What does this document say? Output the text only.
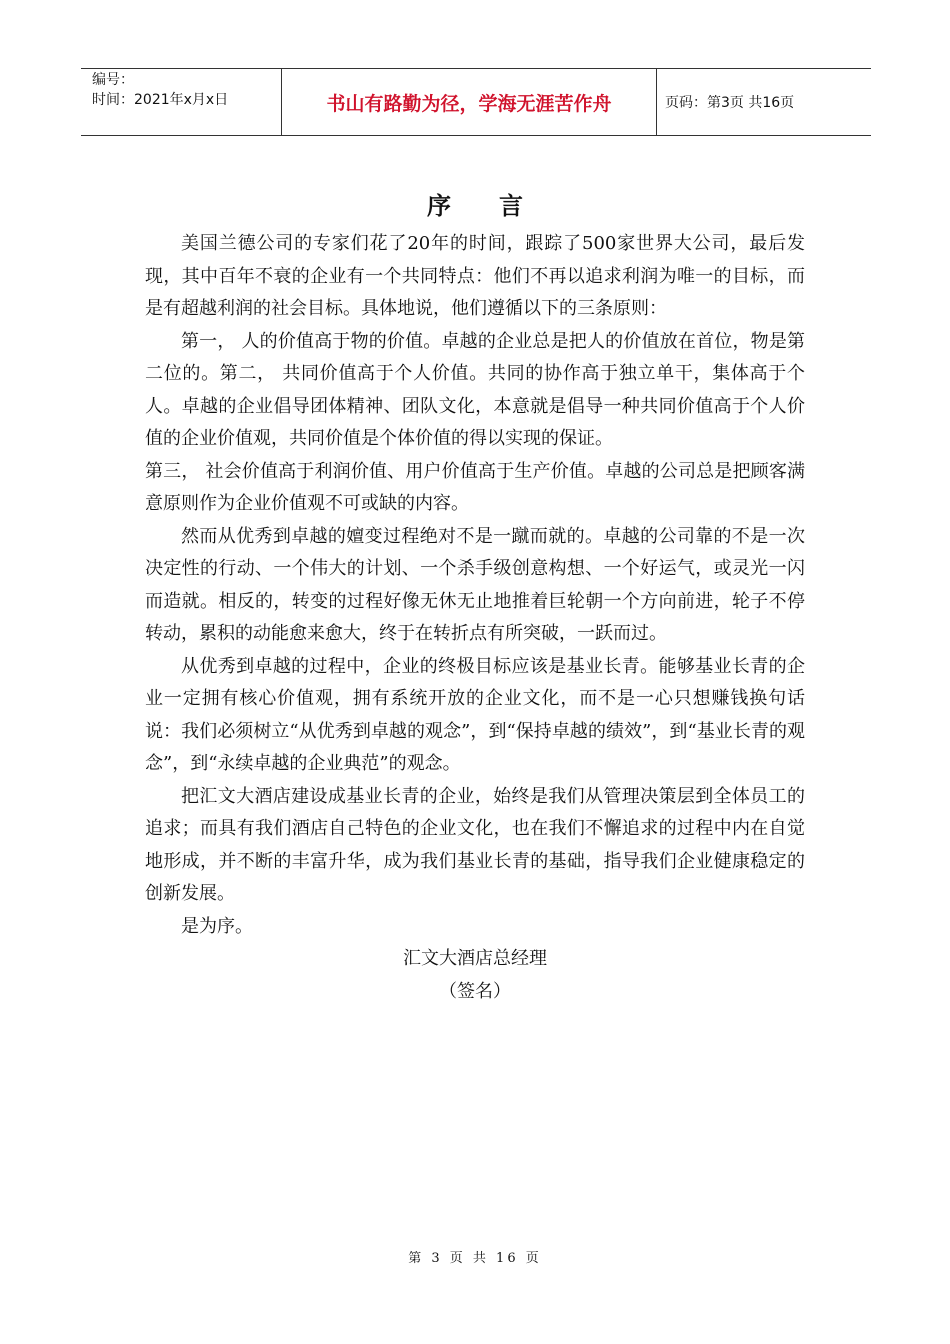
编号：
时间：2021年x月x日	书山有路勤为径，学海无涯苦作舟	页码：第3页 共16页
序言

美国兰德公司的专家们花了20年的时间，跟踪了500家世界大公司，最后发现，其中百年不衰的企业有一个共同特点：他们不再以追求利润为唯一的目标，而是有超越利润的社会目标。具体地说，他们遵循以下的三条原则：

第一， 人的价值高于物的价值。卓越的企业总是把人的价值放在首位，物是第二位的。第二， 共同价值高于个人价值。共同的协作高于独立单干，集体高于个人。卓越的企业倡导团体精神、团队文化，本意就是倡导一种共同价值高于个人价值的企业价值观，共同价值是个体价值的得以实现的保证。

第三， 社会价值高于利润价值、用户价值高于生产价值。卓越的公司总是把顾客满意原则作为企业价值观不可或缺的内容。

然而从优秀到卓越的嬗变过程绝对不是一蹴而就的。卓越的公司靠的不是一次决定性的行动、一个伟大的计划、一个杀手级创意构想、一个好运气，或灵光一闪而造就。相反的，转变的过程好像无休无止地推着巨轮朝一个方向前进，轮子不停转动，累积的动能愈来愈大，终于在转折点有所突破，一跃而过。

从优秀到卓越的过程中，企业的终极目标应该是基业长青。能够基业长青的企业一定拥有核心价值观，拥有系统开放的企业文化，而不是一心只想赚钱换句话说：我们必须树立“从优秀到卓越的观念”，到“保持卓越的绩效”，到“基业长青的观念”，到“永续卓越的企业典范”的观念。

把汇文大酒店建设成基业长青的企业，始终是我们从管理决策层到全体员工的追求；而具有我们酒店自己特色的企业文化，也在我们不懈追求的过程中内在自觉地形成，并不断的丰富升华，成为我们基业长青的基础，指导我们企业健康稳定的创新发展。

是为序。

汇文大酒店总经理

（签名）

第 3 页 共 16 页
